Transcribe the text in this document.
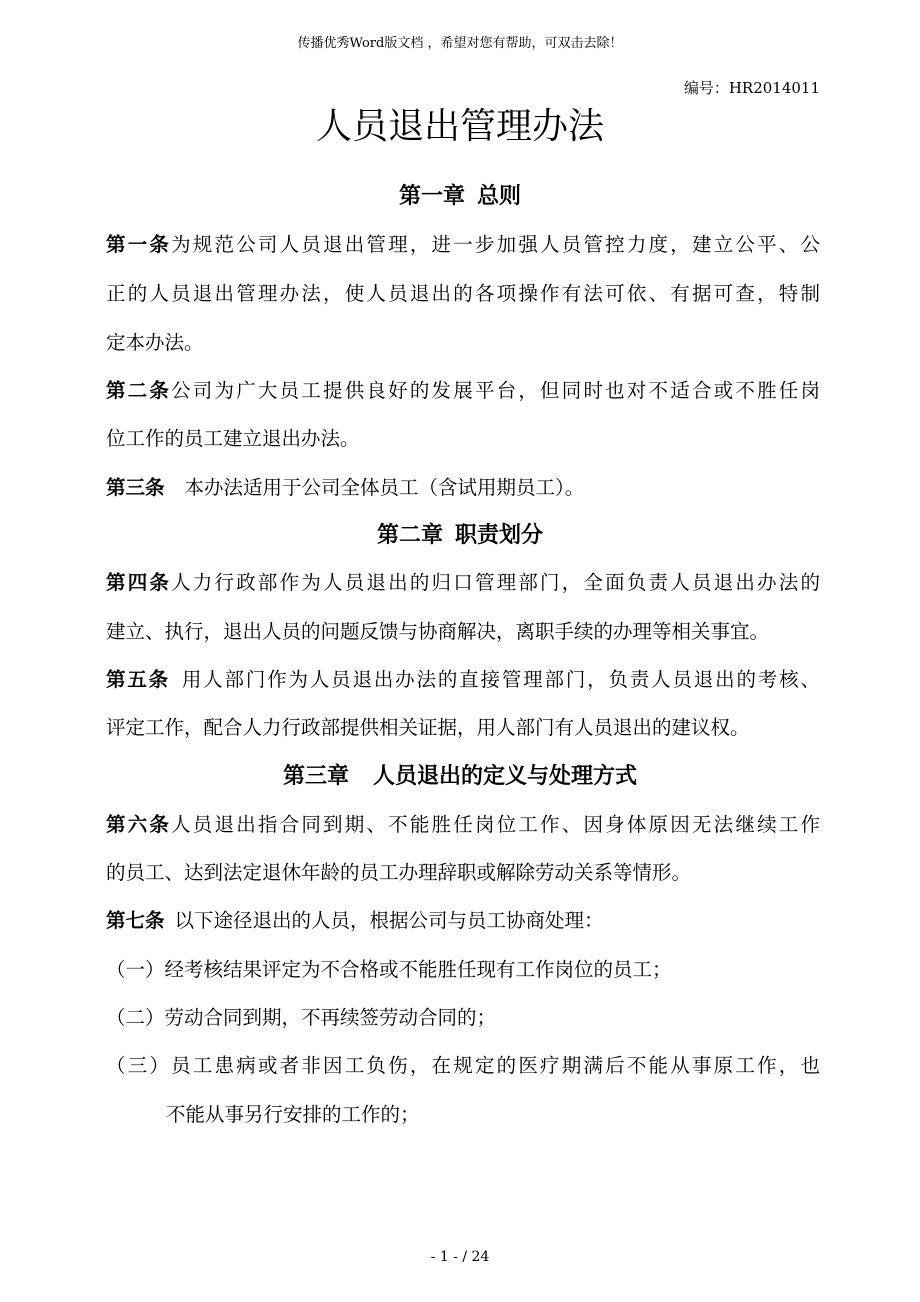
传播优秀Word版文档 ，希望对您有帮助，可双击去除！
编号：HR2014011
人员退出管理办法
第一章 总则
第一条为规范公司人员退出管理，进一步加强人员管控力度，建立公平、公
正的人员退出管理办法，使人员退出的各项操作有法可依、有据可查，特制
定本办法。
第二条公司为广大员工提供良好的发展平台，但同时也对不适合或不胜任岗
位工作的员工建立退出办法。
第三条 本办法适用于公司全体员工（含试用期员工）。
第二章 职责划分
第四条人力行政部作为人员退出的归口管理部门，全面负责人员退出办法的
建立、执行，退出人员的问题反馈与协商解决，离职手续的办理等相关事宜。
第五条 用人部门作为人员退出办法的直接管理部门，负责人员退出的考核、
评定工作，配合人力行政部提供相关证据，用人部门有人员退出的建议权。
第三章 人员退出的定义与处理方式
第六条人员退出指合同到期、不能胜任岗位工作、因身体原因无法继续工作
的员工、达到法定退休年龄的员工办理辞职或解除劳动关系等情形。
第七条 以下途径退出的人员，根据公司与员工协商处理：
（一）经考核结果评定为不合格或不能胜任现有工作岗位的员工；
（二）劳动合同到期，不再续签劳动合同的；
（三）员工患病或者非因工负伤，在规定的医疗期满后不能从事原工作，也
不能从事另行安排的工作的；
- 1 - / 24
